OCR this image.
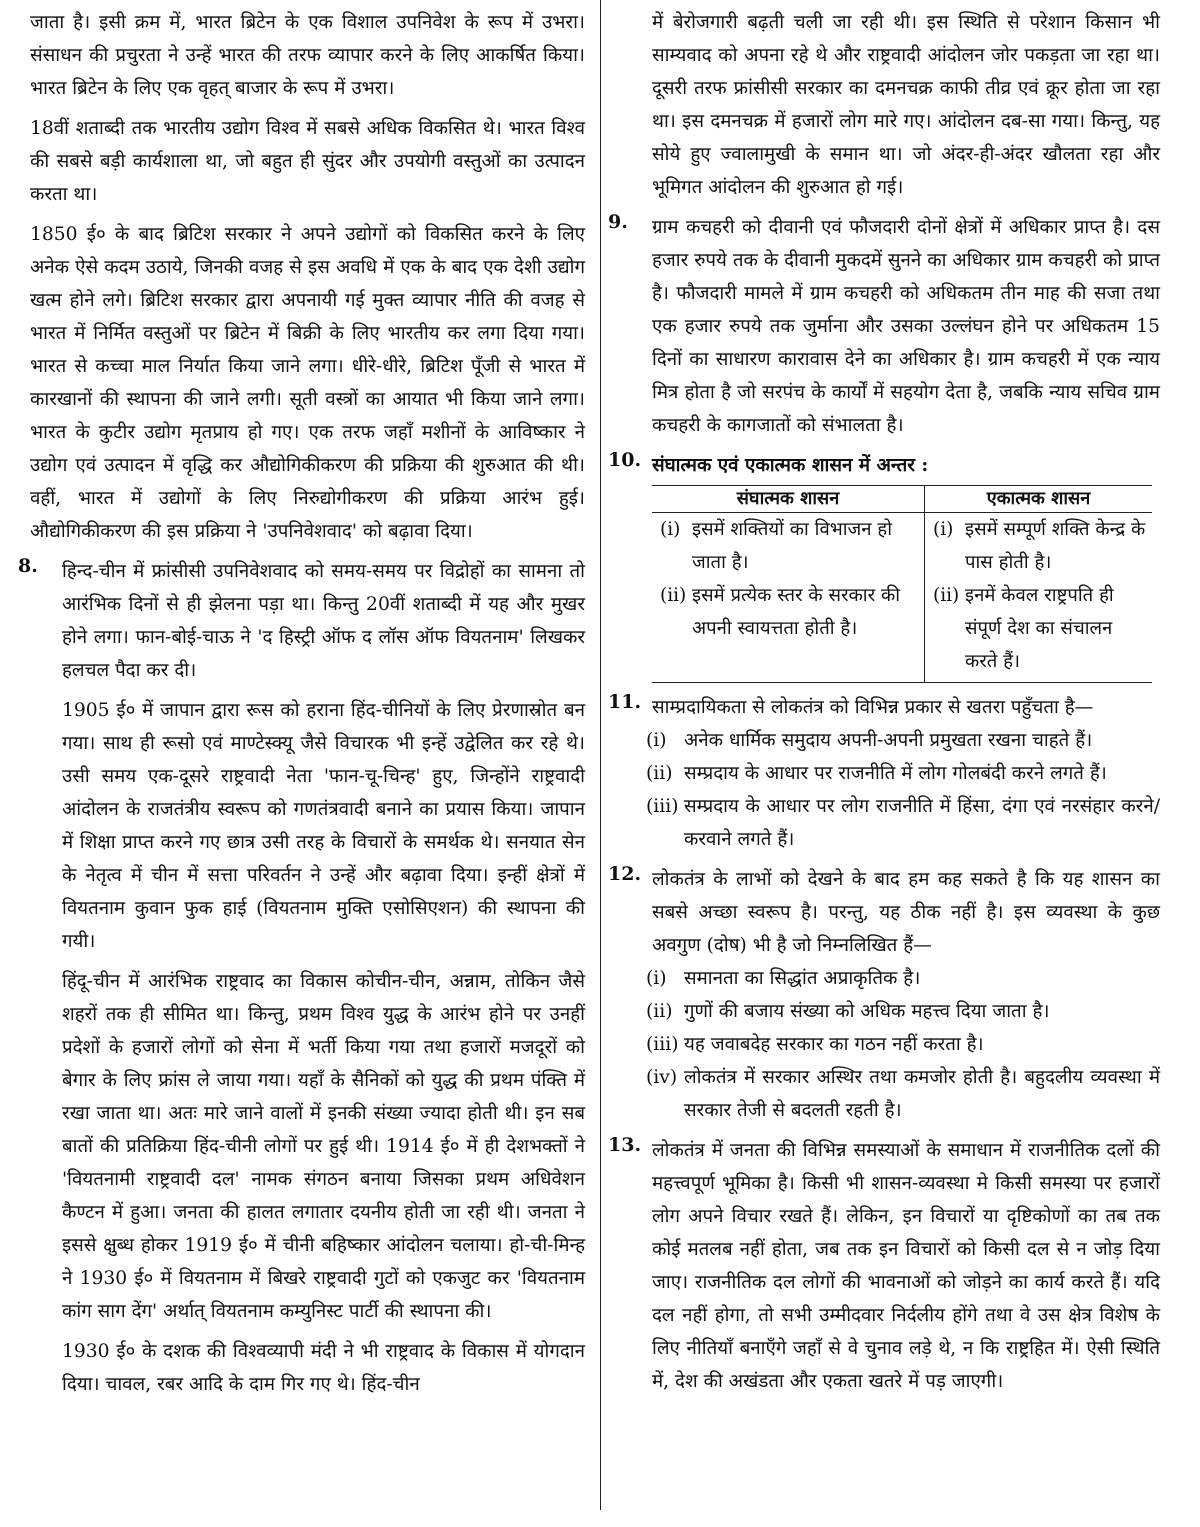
जाता है। इसी क्रम में, भारत ब्रिटेन के एक विशाल उपनिवेश के रूप में उभरा। संसाधन की प्रचुरता ने उन्हें भारत की तरफ व्यापार करने के लिए आकर्षित किया। भारत ब्रिटेन के लिए एक वृहत् बाजार के रूप में उभरा।

18वीं शताब्दी तक भारतीय उद्योग विश्व में सबसे अधिक विकसित थे। भारत विश्व की सबसे बड़ी कार्यशाला था, जो बहुत ही सुंदर और उपयोगी वस्तुओं का उत्पादन करता था।

1850 ई० के बाद ब्रिटिश सरकार ने अपने उद्योगों को विकसित करने के लिए अनेक ऐसे कदम उठाये, जिनकी वजह से इस अवधि में एक के बाद एक देशी उद्योग खत्म होने लगे। ब्रिटिश सरकार द्वारा अपनायी गई मुक्त व्यापार नीति की वजह से भारत में निर्मित वस्तुओं पर ब्रिटेन में बिक्री के लिए भारतीय कर लगा दिया गया। भारत से कच्चा माल निर्यात किया जाने लगा। धीरे-धीरे, ब्रिटिश पूँजी से भारत में कारखानों की स्थापना की जाने लगी। सूती वस्त्रों का आयात भी किया जाने लगा। भारत के कुटीर उद्योग मृतप्राय हो गए। एक तरफ जहाँ मशीनों के आविष्कार ने उद्योग एवं उत्पादन में वृद्धि कर औद्योगिकीकरण की प्रक्रिया की शुरुआत की थी। वहीं, भारत में उद्योगों के लिए निरुद्योगीकरण की प्रक्रिया आरंभ हुई। औद्योगिकीकरण की इस प्रक्रिया ने 'उपनिवेशवाद' को बढ़ावा दिया।

8. हिन्द-चीन में फ्रांसीसी उपनिवेशवाद को समय-समय पर विद्रोहों का सामना तो आरंभिक दिनों से ही झेलना पड़ा था। किन्तु 20वीं शताब्दी में यह और मुखर होने लगा। फान-बोई-चाऊ ने 'द हिस्ट्री ऑफ द लॉस ऑफ वियतनाम' लिखकर हलचल पैदा कर दी।

1905 ई० में जापान द्वारा रूस को हराना हिंद-चीनियों के लिए प्रेरणास्रोत बन गया। साथ ही रूसो एवं माण्टेस्क्यू जैसे विचारक भी इन्हें उद्वेलित कर रहे थे। उसी समय एक-दूसरे राष्ट्रवादी नेता 'फान-चू-चिन्ह' हुए, जिन्होंने राष्ट्रवादी आंदोलन के राजतंत्रीय स्वरूप को गणतंत्रवादी बनाने का प्रयास किया। जापान में शिक्षा प्राप्त करने गए छात्र उसी तरह के विचारों के समर्थक थे। सनयात सेन के नेतृत्व में चीन में सत्ता परिवर्तन ने उन्हें और बढ़ावा दिया। इन्हीं क्षेत्रों में वियतनाम कुवान फुक हाई (वियतनाम मुक्ति एसोसिएशन) की स्थापना की गयी।

हिंदू-चीन में आरंभिक राष्ट्रवाद का विकास कोचीन-चीन, अन्नाम, तोकिन जैसे शहरों तक ही सीमित था। किन्तु, प्रथम विश्व युद्ध के आरंभ होने पर उनहीं प्रदेशों के हजारों लोगों को सेना में भर्ती किया गया तथा हजारों मजदूरों को बेगार के लिए फ्रांस ले जाया गया। यहाँ के सैनिकों को युद्ध की प्रथम पंक्ति में रखा जाता था। अतः मारे जाने वालों में इनकी संख्या ज्यादा होती थी। इन सब बातों की प्रतिक्रिया हिंद-चीनी लोगों पर हुई थी। 1914 ई० में ही देशभक्तों ने 'वियतनामी राष्ट्रवादी दल' नामक संगठन बनाया जिसका प्रथम अधिवेशन कैण्टन में हुआ। जनता की हालत लगातार दयनीय होती जा रही थी। जनता ने इससे क्षुब्ध होकर 1919 ई० में चीनी बहिष्कार आंदोलन चलाया। हो-ची-मिन्ह ने 1930 ई० में वियतनाम में बिखरे राष्ट्रवादी गुटों को एकजुट कर 'वियतनाम कांग साग देंग' अर्थात् वियतनाम कम्युनिस्ट पार्टी की स्थापना की।

1930 ई० के दशक की विश्वव्यापी मंदी ने भी राष्ट्रवाद के विकास में योगदान दिया। चावल, रबर आदि के दाम गिर गए थे। हिंद-चीन

में बेरोजगारी बढ़ती चली जा रही थी। इस स्थिति से परेशान किसान भी साम्यवाद को अपना रहे थे और राष्ट्रवादी आंदोलन जोर पकड़ता जा रहा था। दूसरी तरफ फ्रांसीसी सरकार का दमनचक्र काफी तीव्र एवं क्रूर होता जा रहा था। इस दमनचक्र में हजारों लोग मारे गए। आंदोलन दब-सा गया। किन्तु, यह सोये हुए ज्वालामुखी के समान था। जो अंदर-ही-अंदर खौलता रहा और भूमिगत आंदोलन की शुरुआत हो गई।

9. ग्राम कचहरी को दीवानी एवं फौजदारी दोनों क्षेत्रों में अधिकार प्राप्त है। दस हजार रुपये तक के दीवानी मुकदमें सुनने का अधिकार ग्राम कचहरी को प्राप्त है। फौजदारी मामले में ग्राम कचहरी को अधिकतम तीन माह की सजा तथा एक हजार रुपये तक जुर्माना और उसका उल्लंघन होने पर अधिकतम 15 दिनों का साधारण कारावास देने का अधिकार है। ग्राम कचहरी में एक न्याय मित्र होता है जो सरपंच के कार्यों में सहयोग देता है, जबकि न्याय सचिव ग्राम कचहरी के कागजातों को संभालता है।

10. संघात्मक एवं एकात्मक शासन में अन्तर :
संघात्मक शासन	एकात्मक शासन

(i) इसमें शक्तियों का विभाजन हो जाता है।	(i) इसमें सम्पूर्ण शक्ति केन्द्र के पास होती है।

(ii) इसमें प्रत्येक स्तर के सरकार की अपनी स्वायत्तता होती है।	(ii) इनमें केवल राष्ट्रपति ही संपूर्ण देश का संचालन करते हैं।
11. साम्प्रदायिकता से लोकतंत्र को विभिन्न प्रकार से खतरा पहुँचता है—

(i) अनेक धार्मिक समुदाय अपनी-अपनी प्रमुखता रखना चाहते हैं।
(ii) सम्प्रदाय के आधार पर राजनीति में लोग गोलबंदी करने लगते हैं।
(iii) सम्प्रदाय के आधार पर लोग राजनीति में हिंसा, दंगा एवं नरसंहार करने/करवाने लगते हैं।
12. लोकतंत्र के लाभों को देखने के बाद हम कह सकते है कि यह शासन का सबसे अच्छा स्वरूप है। परन्तु, यह ठीक नहीं है। इस व्यवस्था के कुछ अवगुण (दोष) भी है जो निम्नलिखित हैं—

(i) समानता का सिद्धांत अप्राकृतिक है।
(ii) गुणों की बजाय संख्या को अधिक महत्त्व दिया जाता है।
(iii) यह जवाबदेह सरकार का गठन नहीं करता है।
(iv) लोकतंत्र में सरकार अस्थिर तथा कमजोर होती है। बहुदलीय व्यवस्था में सरकार तेजी से बदलती रहती है।
13. लोकतंत्र में जनता की विभिन्न समस्याओं के समाधान में राजनीतिक दलों की महत्त्वपूर्ण भूमिका है। किसी भी शासन-व्यवस्था मे किसी समस्या पर हजारों लोग अपने विचार रखते हैं। लेकिन, इन विचारों या दृष्टिकोणों का तब तक कोई मतलब नहीं होता, जब तक इन विचारों को किसी दल से न जोड़ दिया जाए। राजनीतिक दल लोगों की भावनाओं को जोड़ने का कार्य करते हैं। यदि दल नहीं होगा, तो सभी उम्मीदवार निर्दलीय होंगे तथा वे उस क्षेत्र विशेष के लिए नीतियाँ बनाएँगे जहाँ से वे चुनाव लड़े थे, न कि राष्ट्रहित में। ऐसी स्थिति में, देश की अखंडता और एकता खतरे में पड़ जाएगी।
